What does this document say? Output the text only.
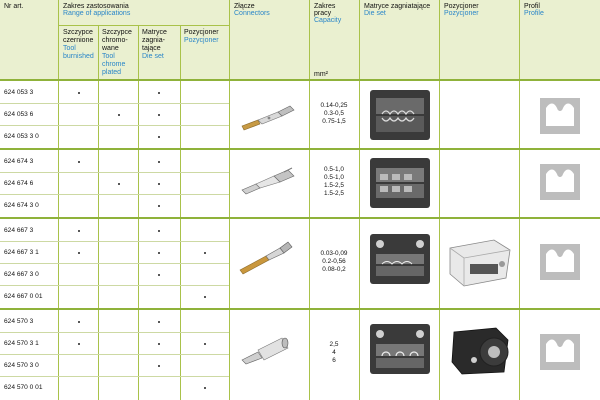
Nr art.	Zakres zastosowania
Range of applications
Szczypce
czernione
Tool
burnished
Szczypce
chromo-
wane
Tool
chrome
plated
Matryce
zagnia-
tające
Die set
Pozycjoner
Pozycjoner
Złącze
Connectors
Zakres
pracy
Capacity
mm²
Matryce zagniatające
Die set
Pozycjoner
Pozycjoner
Profil
Profile
624 053 3
624 053 6
624 053 3 0
0.14-0,25
0.3-0,5
0.75-1,5
624 674 3
624 674 6
624 674 3 0
0.5-1,0
0.5-1,0
1.5-2,5
1.5-2,5
624 667 3
624 667 3 1
624 667 3 0
624 667 0 01
0.03-0,09
0.2-0,56
0.08-0,2
624 570 3
624 570 3 1
624 570 3 0
624 570 0 01
2,5
4
6
